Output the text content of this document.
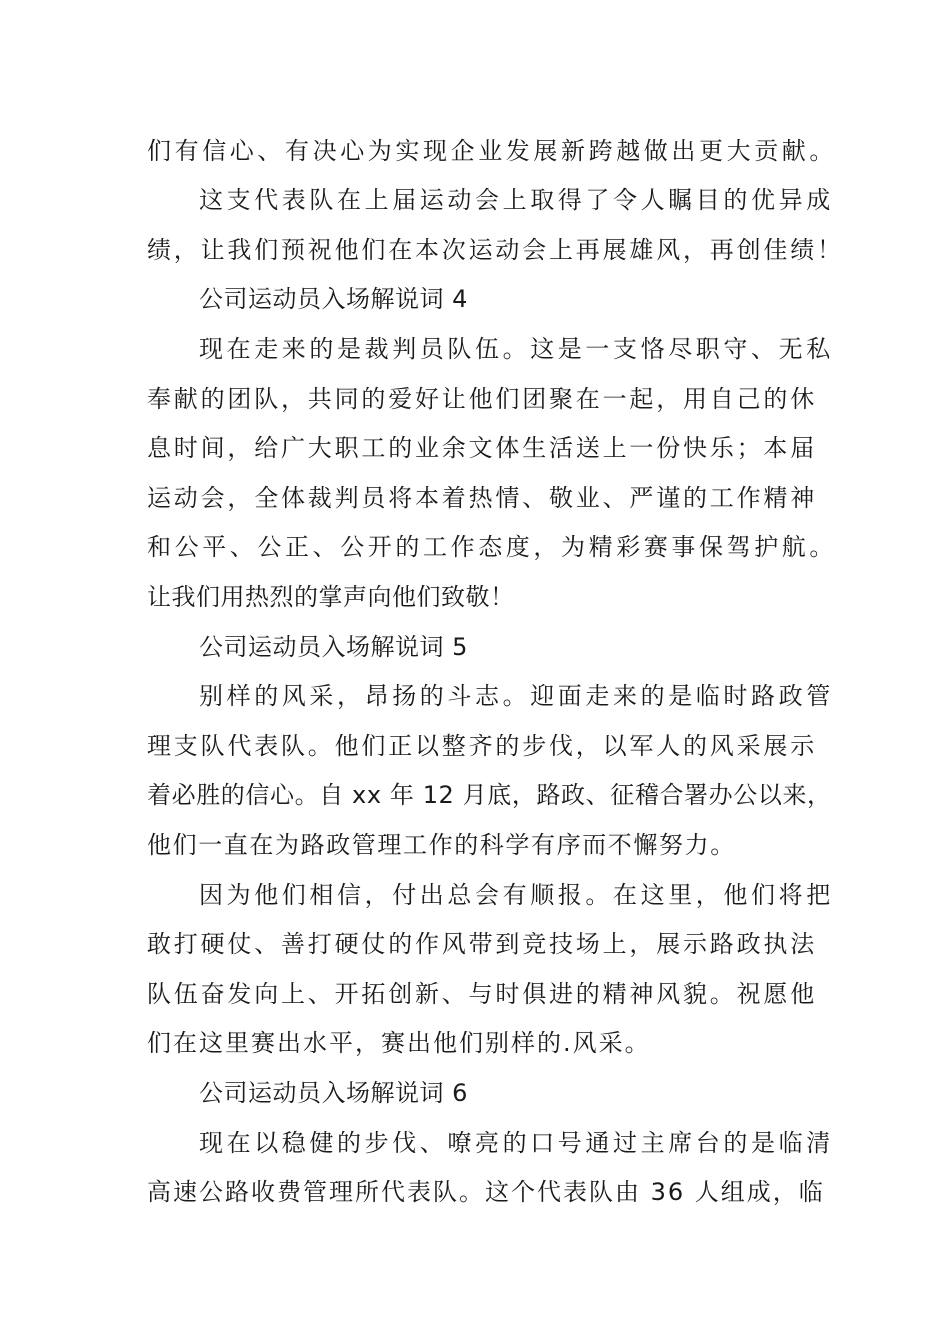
们有信心、有决心为实现企业发展新跨越做出更大贡献。

这支代表队在上届运动会上取得了令人瞩目的优异成

绩，让我们预祝他们在本次运动会上再展雄风，再创佳绩！

公司运动员入场解说词 4

现在走来的是裁判员队伍。这是一支恪尽职守、无私

奉献的团队，共同的爱好让他们团聚在一起，用自己的休

息时间，给广大职工的业余文体生活送上一份快乐；本届

运动会，全体裁判员将本着热情、敬业、严谨的工作精神

和公平、公正、公开的工作态度，为精彩赛事保驾护航。

让我们用热烈的掌声向他们致敬！

公司运动员入场解说词 5

别样的风采，昂扬的斗志。迎面走来的是临时路政管

理支队代表队。他们正以整齐的步伐，以军人的风采展示

着必胜的信心。自 xx 年 12 月底，路政、征稽合署办公以来，

他们一直在为路政管理工作的科学有序而不懈努力。

因为他们相信，付出总会有顺报。在这里，他们将把

敢打硬仗、善打硬仗的作风带到竞技场上，展示路政执法

队伍奋发向上、开拓创新、与时俱进的精神风貌。祝愿他

们在这里赛出水平，赛出他们别样的.风采。

公司运动员入场解说词 6

现在以稳健的步伐、嘹亮的口号通过主席台的是临清

高速公路收费管理所代表队。这个代表队由 36 人组成，临
